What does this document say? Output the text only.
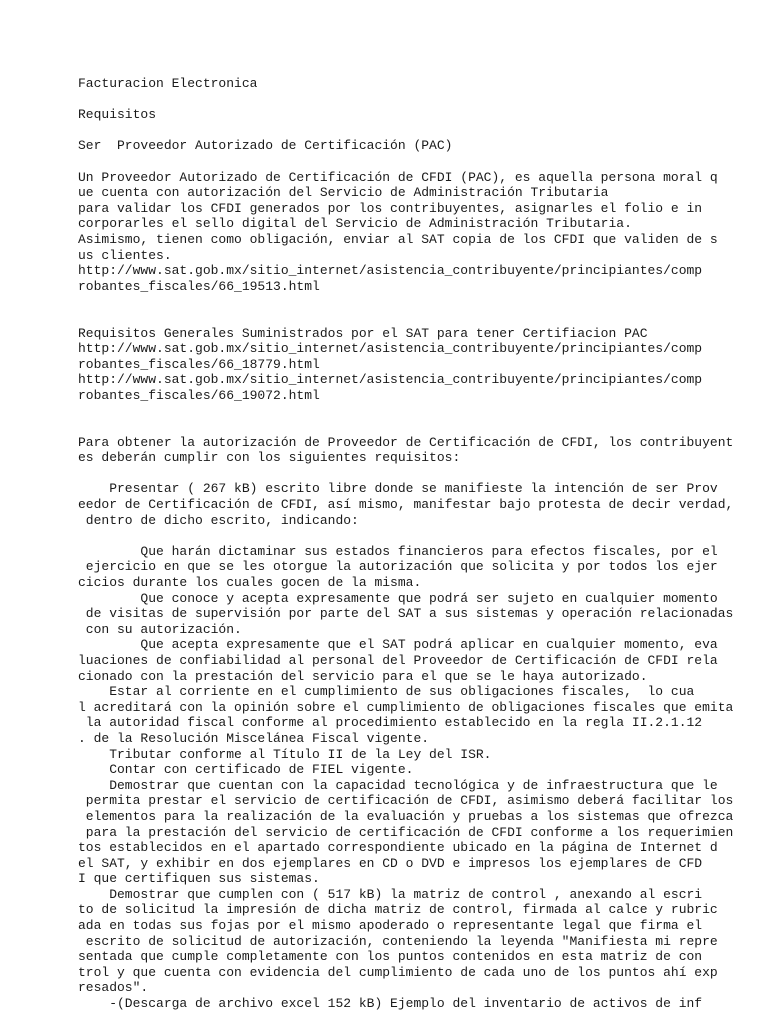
Facturacion Electronica
Requisitos
Ser  Proveedor Autorizado de Certificación (PAC)
Un Proveedor Autorizado de Certificación de CFDI (PAC), es aquella persona moral q
ue cuenta con autorización del Servicio de Administración Tributaria
para validar los CFDI generados por los contribuyentes, asignarles el folio e in
corporarles el sello digital del Servicio de Administración Tributaria.
Asimismo, tienen como obligación, enviar al SAT copia de los CFDI que validen de s
us clientes.
http://www.sat.gob.mx/sitio_internet/asistencia_contribuyente/principiantes/comp
robantes_fiscales/66_19513.html
Requisitos Generales Suministrados por el SAT para tener Certifiacion PAC
http://www.sat.gob.mx/sitio_internet/asistencia_contribuyente/principiantes/comp
robantes_fiscales/66_18779.html
http://www.sat.gob.mx/sitio_internet/asistencia_contribuyente/principiantes/comp
robantes_fiscales/66_19072.html
Para obtener la autorización de Proveedor de Certificación de CFDI, los contribuyent
es deberán cumplir con los siguientes requisitos:
Presentar ( 267 kB) escrito libre donde se manifieste la intención de ser Prov
eedor de Certificación de CFDI, así mismo, manifestar bajo protesta de decir verdad,
dentro de dicho escrito, indicando:
Que harán dictaminar sus estados financieros para efectos fiscales, por el
ejercicio en que se les otorgue la autorización que solicita y por todos los ejer
cicios durante los cuales gocen de la misma.
Que conoce y acepta expresamente que podrá ser sujeto en cualquier momento
de visitas de supervisión por parte del SAT a sus sistemas y operación relacionadas
con su autorización.
Que acepta expresamente que el SAT podrá aplicar en cualquier momento, eva
luaciones de confiabilidad al personal del Proveedor de Certificación de CFDI rela
cionado con la prestación del servicio para el que se le haya autorizado.
Estar al corriente en el cumplimiento de sus obligaciones fiscales,  lo cua
l acreditará con la opinión sobre el cumplimiento de obligaciones fiscales que emita
la autoridad fiscal conforme al procedimiento establecido en la regla II.2.1.12
. de la Resolución Miscelánea Fiscal vigente.
Tributar conforme al Título II de la Ley del ISR.
Contar con certificado de FIEL vigente.
Demostrar que cuentan con la capacidad tecnológica y de infraestructura que le
permita prestar el servicio de certificación de CFDI, asimismo deberá facilitar los
elementos para la realización de la evaluación y pruebas a los sistemas que ofrezca
para la prestación del servicio de certificación de CFDI conforme a los requerimien
tos establecidos en el apartado correspondiente ubicado en la página de Internet d
el SAT, y exhibir en dos ejemplares en CD o DVD e impresos los ejemplares de CFD
I que certifiquen sus sistemas.
Demostrar que cumplen con ( 517 kB) la matriz de control , anexando al escri
to de solicitud la impresión de dicha matriz de control, firmada al calce y rubric
ada en todas sus fojas por el mismo apoderado o representante legal que firma el
escrito de solicitud de autorización, conteniendo la leyenda "Manifiesta mi repre
sentada que cumple completamente con los puntos contenidos en esta matriz de con
trol y que cuenta con evidencia del cumplimiento de cada uno de los puntos ahí exp
resados".
-(Descarga de archivo excel 152 kB) Ejemplo del inventario de activos de inf
